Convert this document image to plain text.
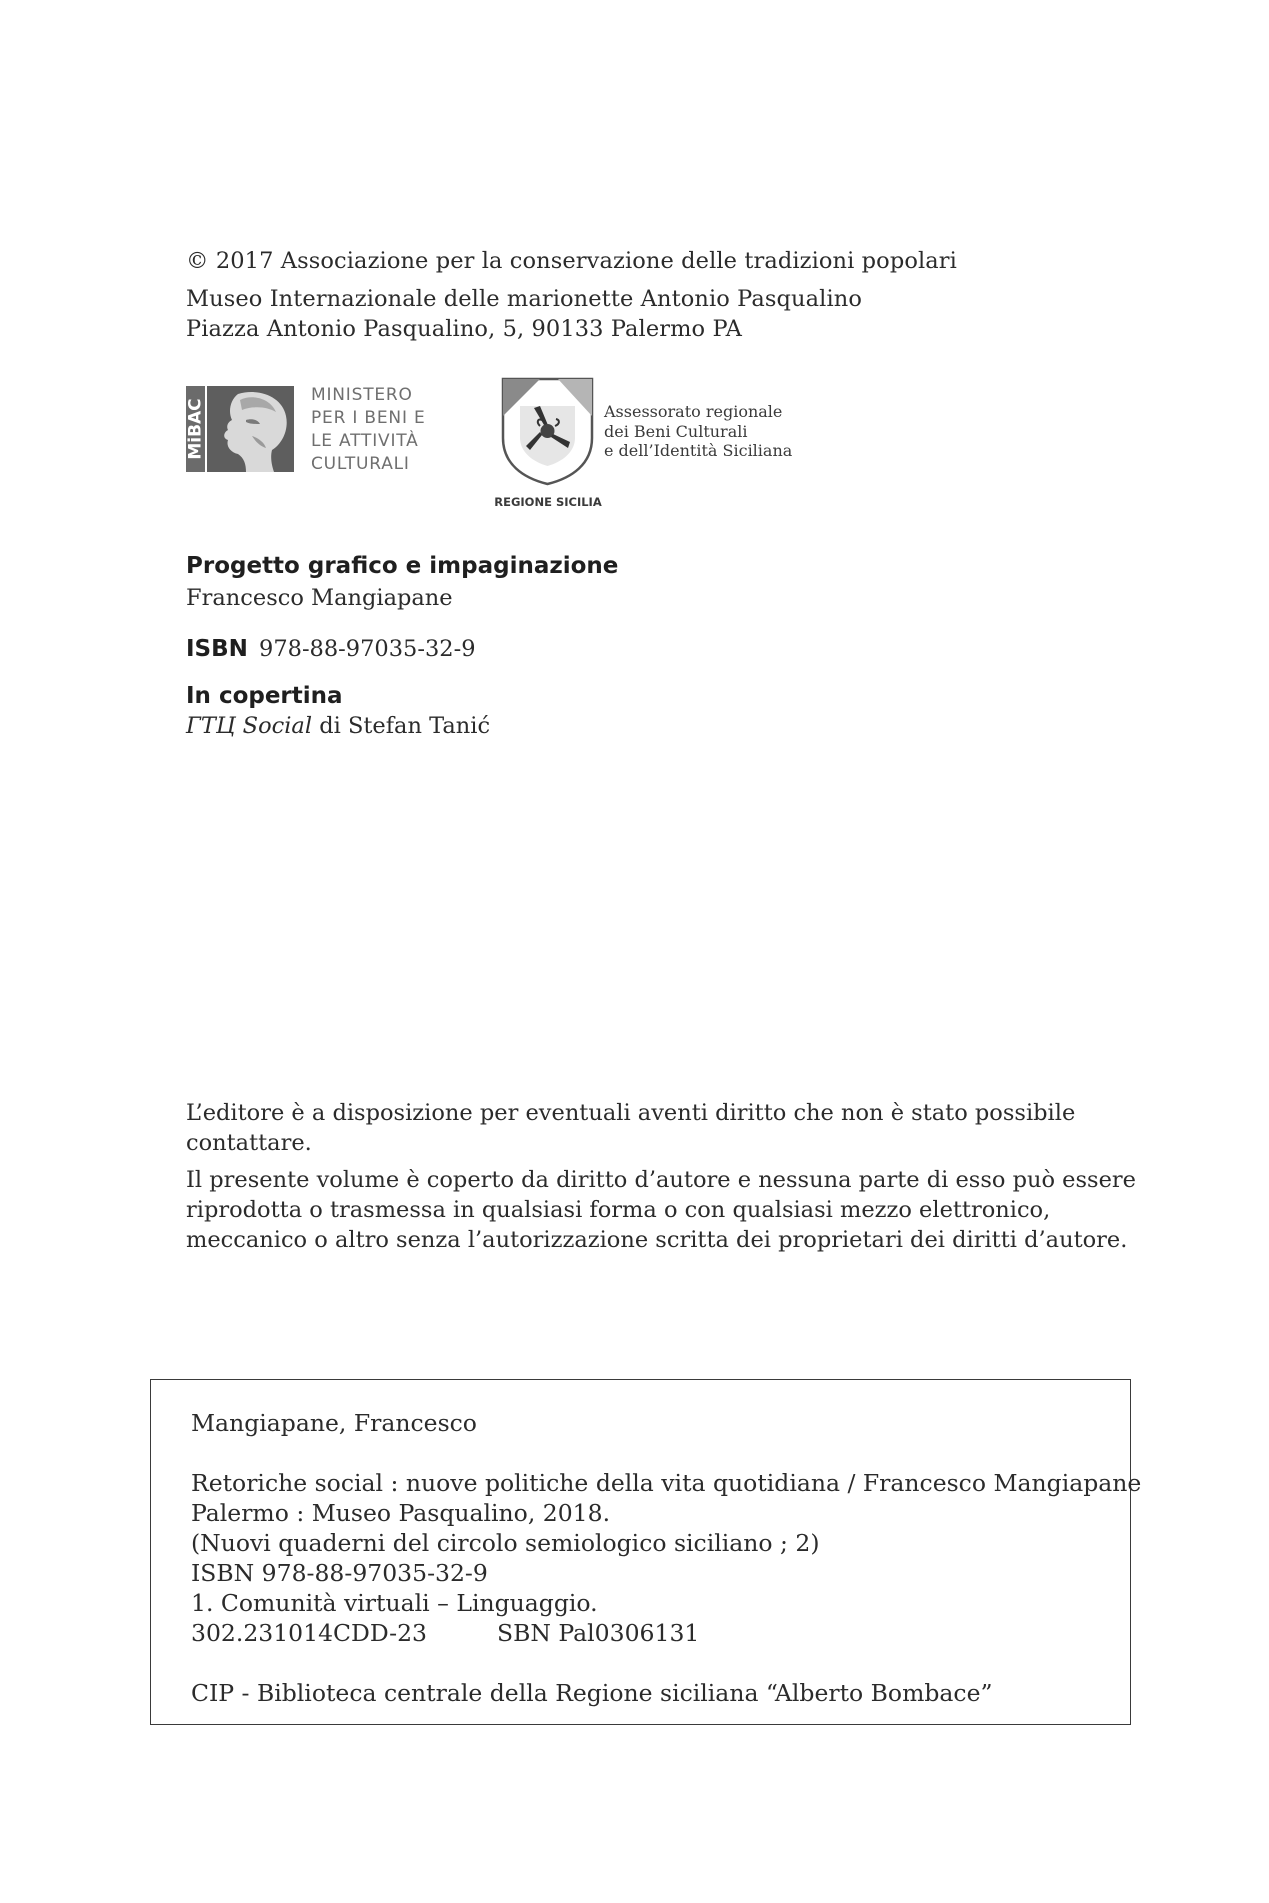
© 2017 Associazione per la conservazione delle tradizioni popolari
Museo Internazionale delle marionette Antonio Pasqualino
Piazza Antonio Pasqualino, 5, 90133 Palermo PA
MiBAC
MINISTERO
PER I BENI E
LE ATTIVITÀ
CULTURALI
REGIONE SICILIA
Assessorato regionale
dei Beni Culturali
e dell’Identità Siciliana
Progetto grafico e impaginazione
Francesco Mangiapane
ISBN 978-88-97035-32-9
In copertina
ГТЦ Social di Stefan Tanić
L’editore è a disposizione per eventuali aventi diritto che non è stato possibile
contattare.
Il presente volume è coperto da diritto d’autore e nessuna parte di esso può essere
riprodotta o trasmessa in qualsiasi forma o con qualsiasi mezzo elettronico,
meccanico o altro senza l’autorizzazione scritta dei proprietari dei diritti d’autore.
Mangiapane, Francesco
Retoriche social : nuove politiche della vita quotidiana / Francesco Mangiapane
Palermo : Museo Pasqualino, 2018.
(Nuovi quaderni del circolo semiologico siciliano ; 2)
ISBN 978-88-97035-32-9
1. Comunità virtuali – Linguaggio.
302.231014CDD-23	SBN Pal0306131
CIP - Biblioteca centrale della Regione siciliana “Alberto Bombace”
